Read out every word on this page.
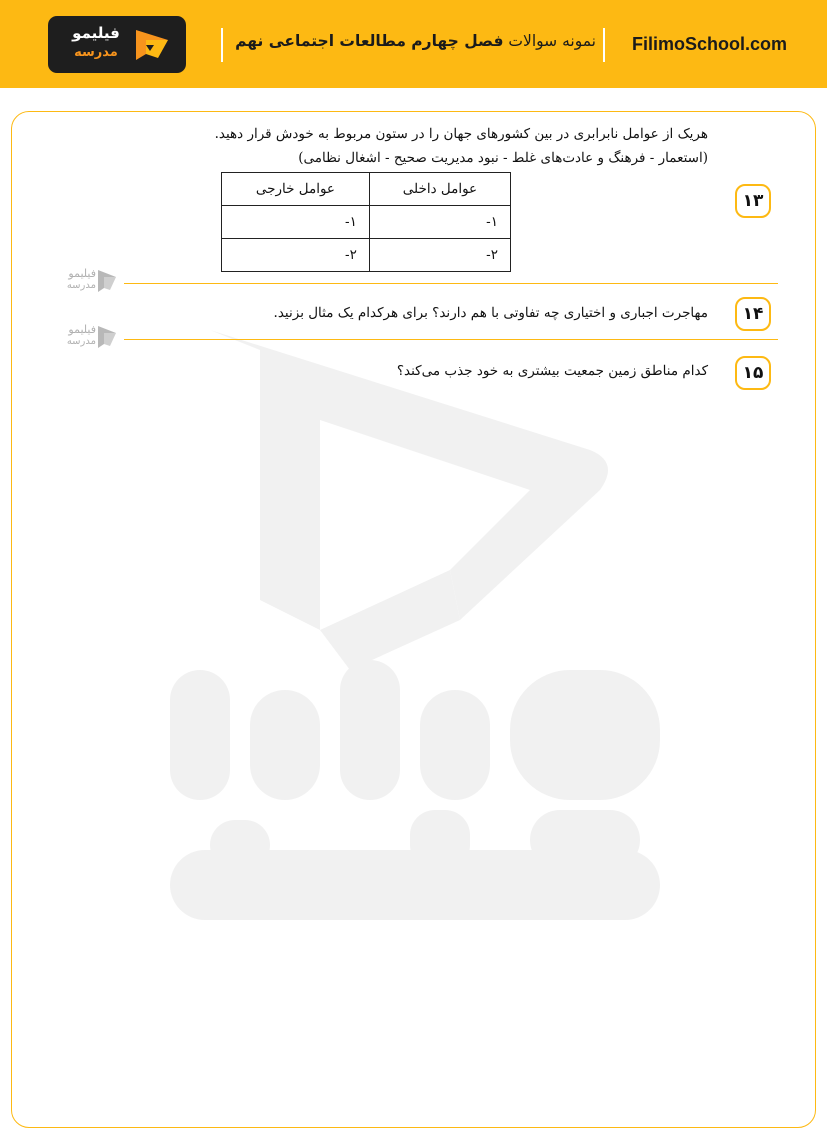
FilimoSchool.com
نمونه سوالات فصل چهارم مطالعات اجتماعی نهم
فیلیمو
مدرسه
فیلیمو
مدرسه
فیلیمو
مدرسه
۱۳
هریک از عوامل نابرابری در بین کشورهای جهان را در ستون مربوط به خودش قرار دهید.
(استعمار - فرهنگ و عادت‌های غلط - نبود مدیریت صحیح - اشغال نظامی)
عوامل داخلی	عوامل خارجی
۱-	۱-
۲-	۲-
۱۴
مهاجرت اجباری و اختیاری چه تفاوتی با هم دارند؟ برای هرکدام یک مثال بزنید.
۱۵
کدام مناطق زمین جمعیت بیشتری به خود جذب می‌کند؟
